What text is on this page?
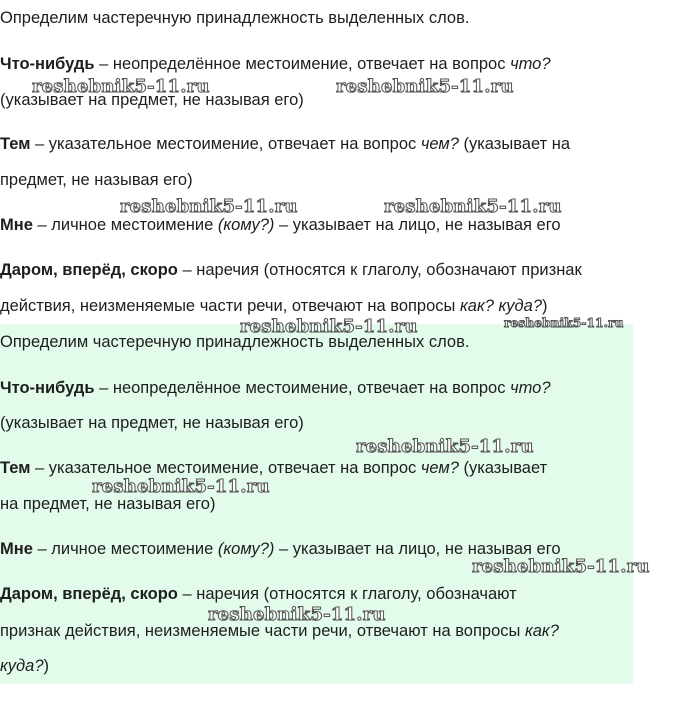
Определим частеречную принадлежность выделенных слов.
Что-нибудь – неопределённое местоимение, отвечает на вопрос что?
(указывает на предмет, не называя его)
Тем – указательное местоимение, отвечает на вопрос чем? (указывает на
предмет, не называя его)
Мне – личное местоимение (кому?) – указывает на лицо, не называя его
Даром, вперёд, скоро – наречия (относятся к глаголу, обозначают признак
действия, неизменяемые части речи, отвечают на вопросы как? куда?)
Определим частеречную принадлежность выделенных слов.
Что-нибудь – неопределённое местоимение, отвечает на вопрос что?
(указывает на предмет, не называя его)
Тем – указательное местоимение, отвечает на вопрос чем? (указывает
на предмет, не называя его)
Мне – личное местоимение (кому?) – указывает на лицо, не называя его
Даром, вперёд, скоро – наречия (относятся к глаголу, обозначают
признак действия, неизменяемые части речи, отвечают на вопросы как?
куда?)
reshebnik5-11.ru	reshebnik5-11.ru
reshebnik5-11.ru	reshebnik5-11.ru
reshebnik5-11.ru	reshebnik5-11.ru
reshebnik5-11.ru
reshebnik5-11.ru
reshebnik5-11.ru
reshebnik5-11.ru
